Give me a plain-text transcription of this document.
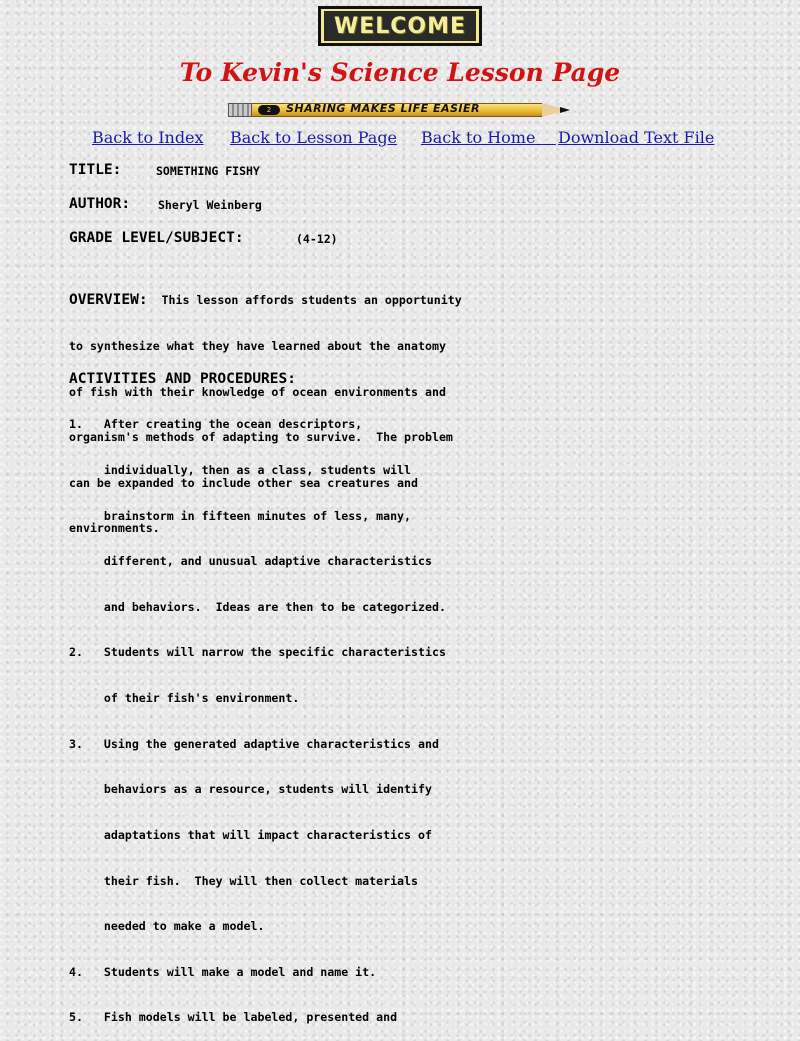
WELCOME
To Kevin's Science Lesson Page
2	SHARING MAKES LIFE EASIER
Back to Index Back to Lesson Page Back to Home Download Text File
TITLE:	SOMETHING FISHY
AUTHOR: Sheryl Weinberg
GRADE LEVEL/SUBJECT:	(4-12)

OVERVIEW:  This lesson affords students an opportunity

to synthesize what they have learned about the anatomy

of fish with their knowledge of ocean environments and

organism's methods of adapting to survive.  The problem

can be expanded to include other sea creatures and

environments.

ACTIVITIES AND PROCEDURES:

1.   After creating the ocean descriptors,

individually, then as a class, students will

brainstorm in fifteen minutes of less, many,

different, and unusual adaptive characteristics

and behaviors.  Ideas are then to be categorized.

2.   Students will narrow the specific characteristics

of their fish's environment.

3.   Using the generated adaptive characteristics and

behaviors as a resource, students will identify

adaptations that will impact characteristics of

their fish.  They will then collect materials

needed to make a model.

4.   Students will make a model and name it.

5.   Fish models will be labeled, presented and
